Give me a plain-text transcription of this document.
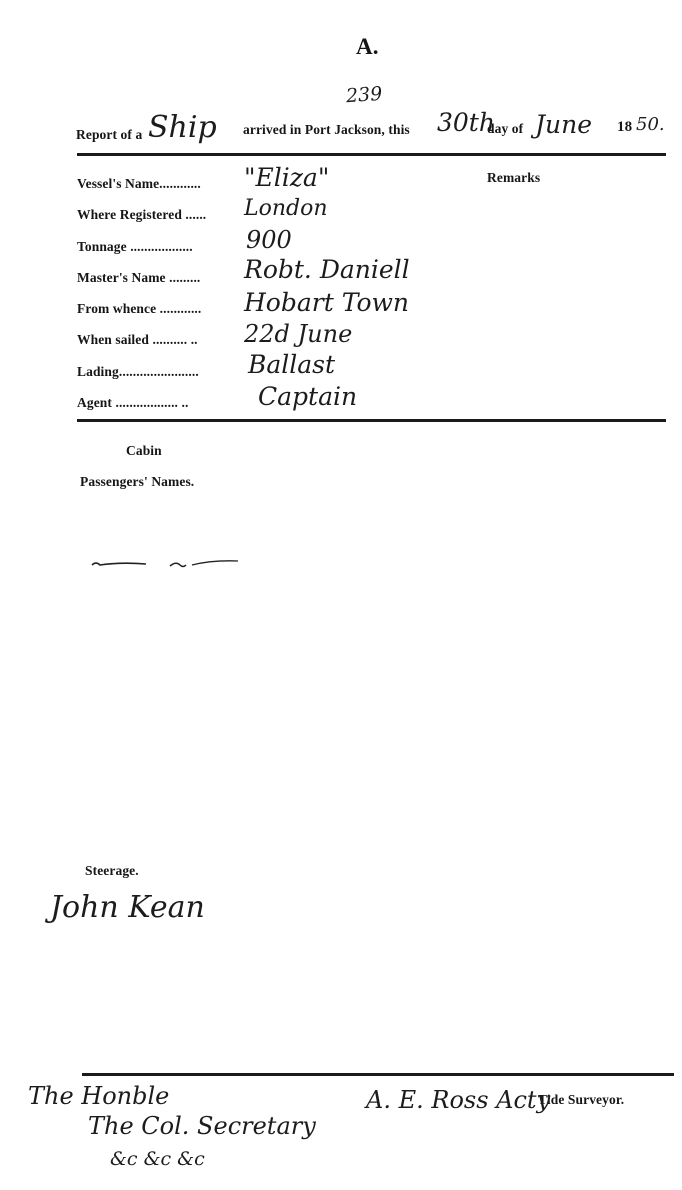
A.
239
Report of a Ship arrived in Port Jackson, this 30th
day of June 18 50.
Remarks
Vessel's Name............ "Eliza"
Where Registered ...... London
Tonnage .................. 900
Master's Name ......... Robt. Daniell
From whence ............ Hobart Town
When sailed .......... .. 22d June
Lading....................... Ballast
Agent .................. ..	Captain
Cabin
Passengers' Names.
Steerage.
John Kean
Tide Surveyor.
A. E. Ross Acty
The Honble
The Col. Secretary
&c &c &c
